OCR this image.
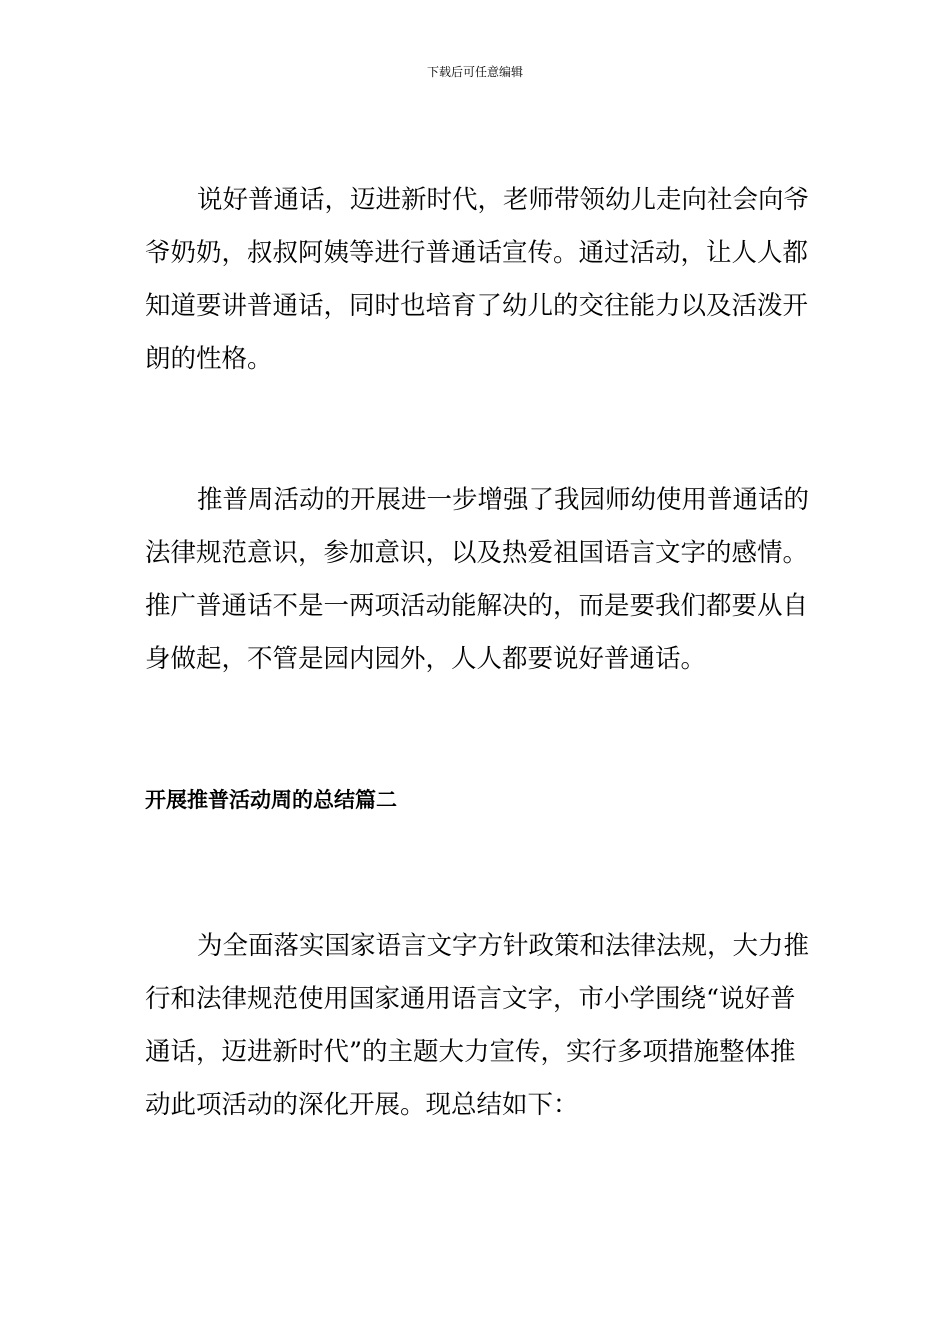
下载后可任意编辑

说好普通话，迈进新时代，老师带领幼儿走向社会向爷爷奶奶，叔叔阿姨等进行普通话宣传。通过活动，让人人都知道要讲普通话，同时也培育了幼儿的交往能力以及活泼开朗的性格。

推普周活动的开展进一步增强了我园师幼使用普通话的法律规范意识，参加意识，以及热爱祖国语言文字的感情。推广普通话不是一两项活动能解决的，而是要我们都要从自身做起，不管是园内园外，人人都要说好普通话。

开展推普活动周的总结篇二

为全面落实国家语言文字方针政策和法律法规，大力推行和法律规范使用国家通用语言文字，市小学围绕“说好普通话，迈进新时代”的主题大力宣传，实行多项措施整体推动此项活动的深化开展。现总结如下：
